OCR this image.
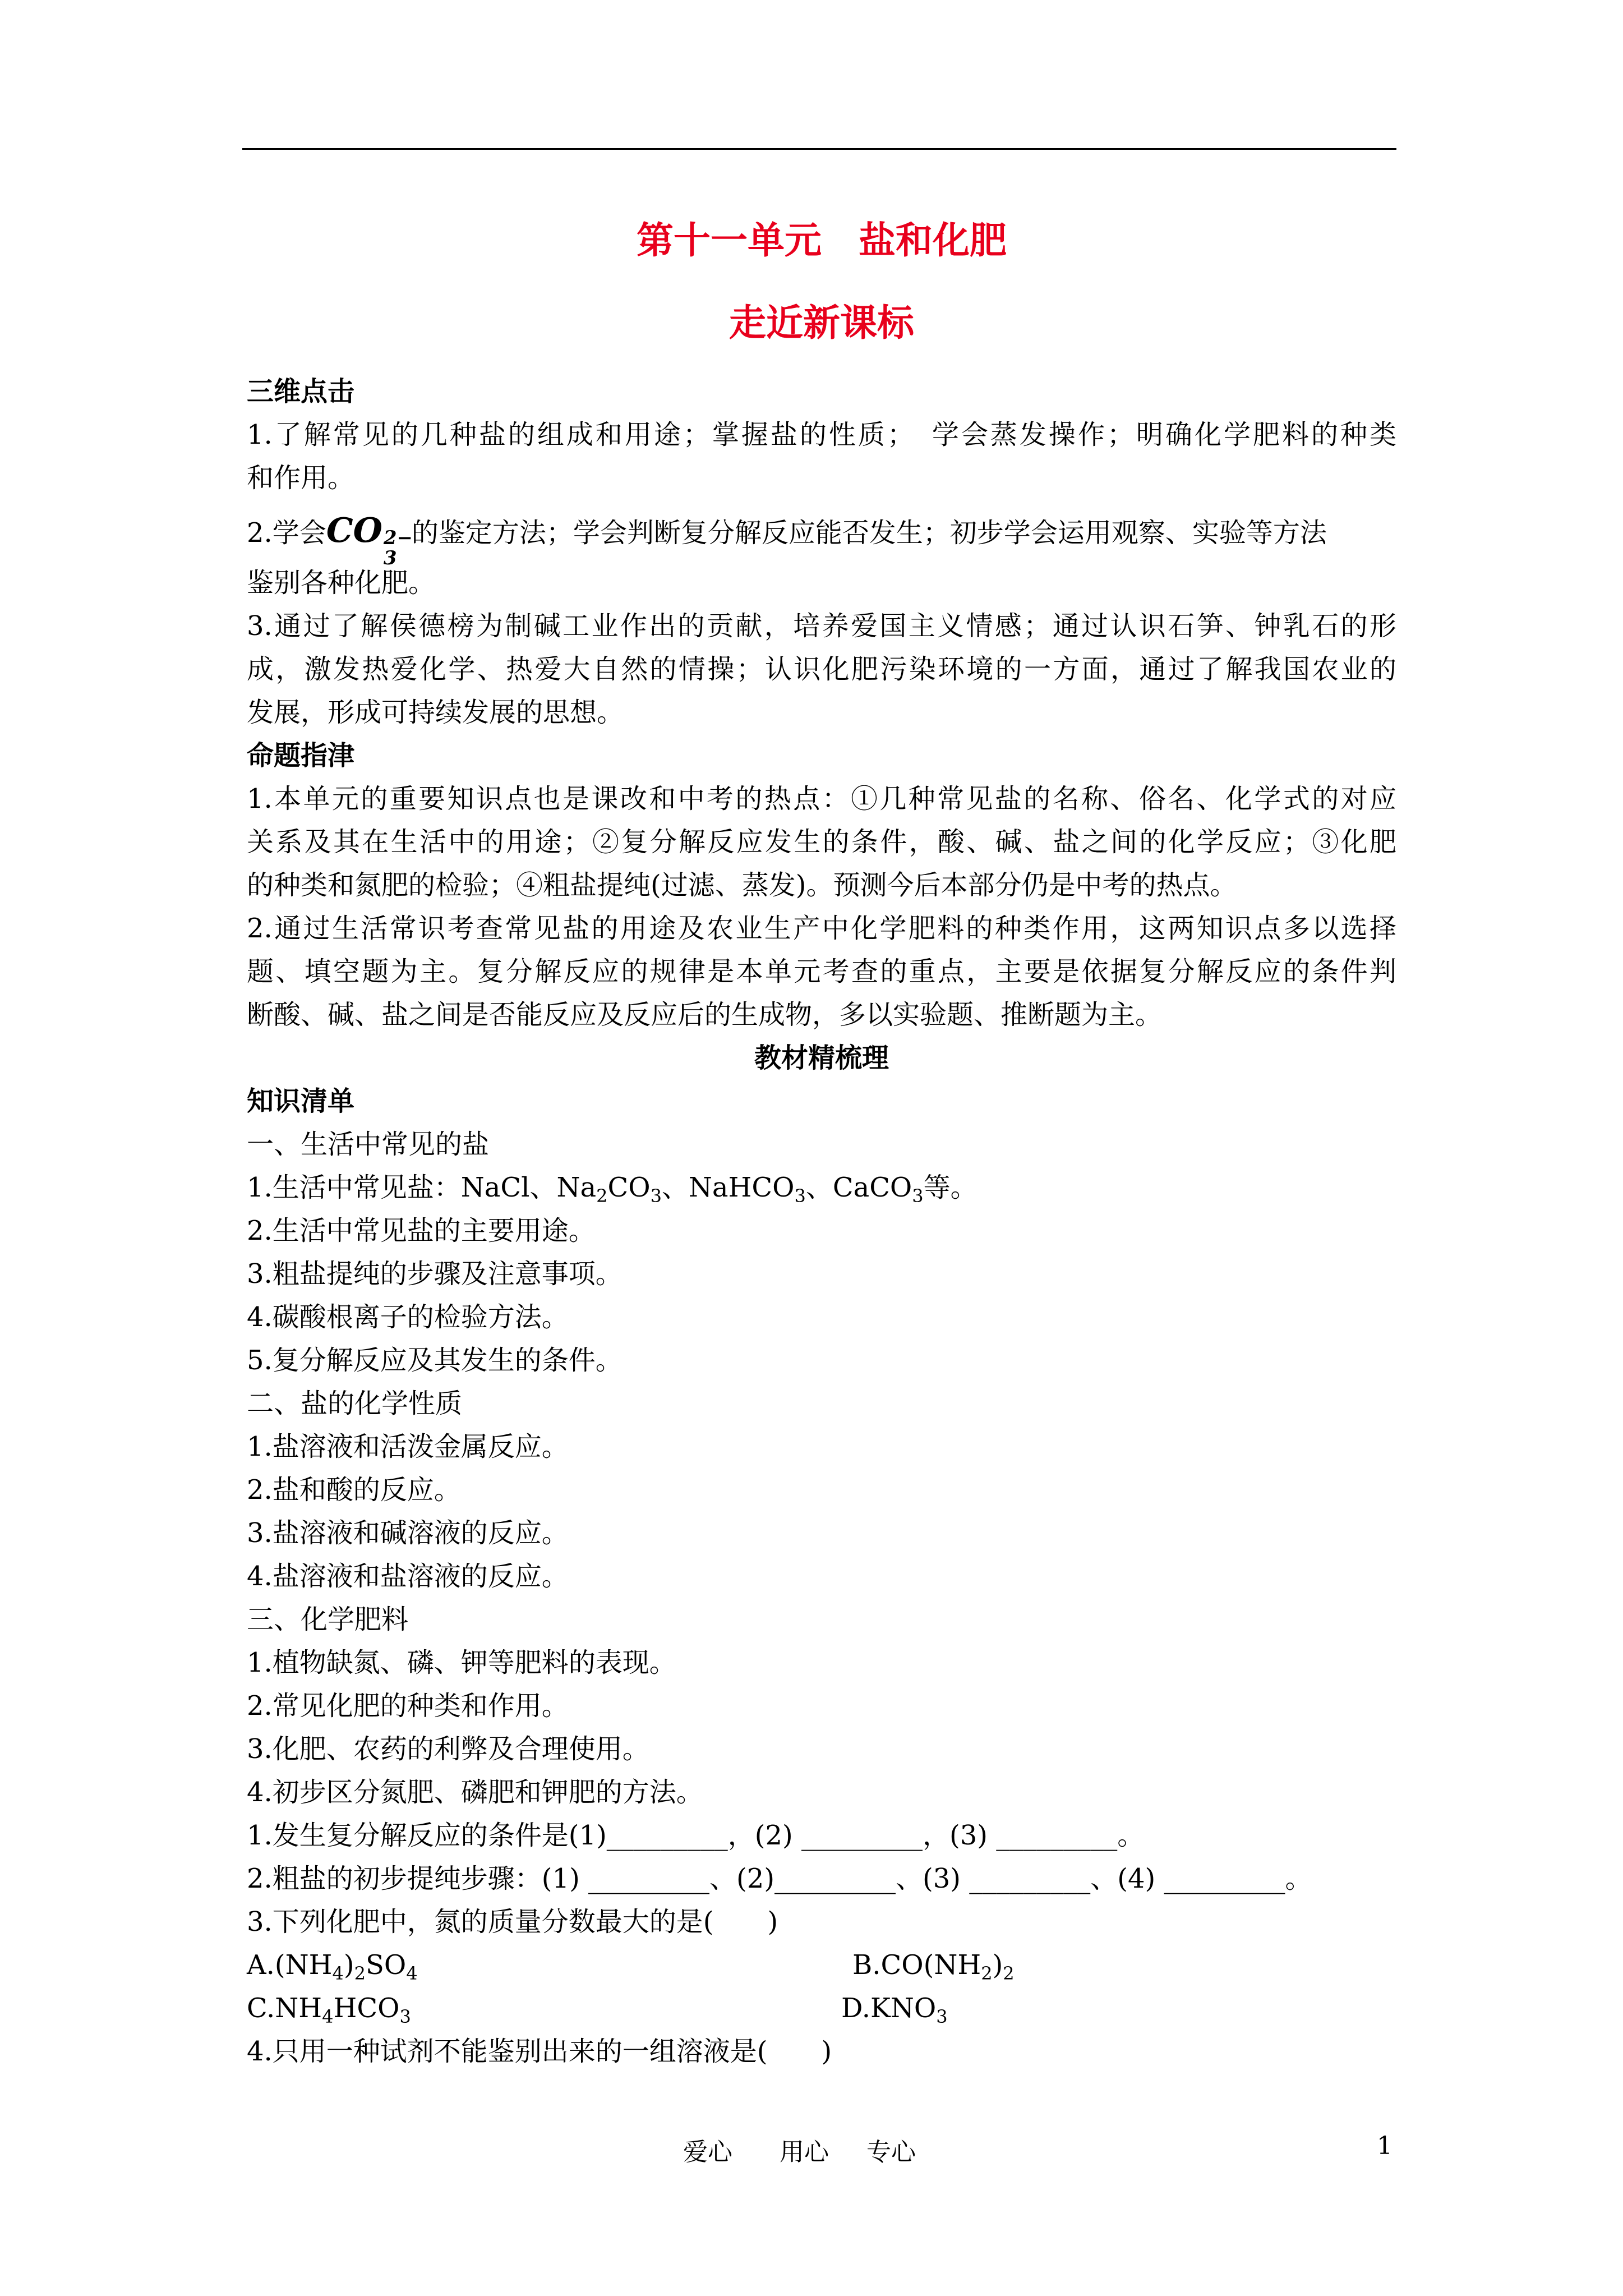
第十一单元　盐和化肥
走近新课标
三维点击
1.了解常见的几种盐的组成和用途；掌握盐的性质；　学会蒸发操作；明确化学肥料的种类
和作用。
2.学会CO 2−
3
的鉴定方法；学会判断复分解反应能否发生；初步学会运用观察、实验等方法
鉴别各种化肥。
3.通过了解侯德榜为制碱工业作出的贡献，培养爱国主义情感；通过认识石笋、钟乳石的形
成，激发热爱化学、热爱大自然的情操；认识化肥污染环境的一方面，通过了解我国农业的
发展，形成可持续发展的思想。
命题指津
1.本单元的重要知识点也是课改和中考的热点：①几种常见盐的名称、俗名、化学式的对应
关系及其在生活中的用途；②复分解反应发生的条件，酸、碱、盐之间的化学反应；③化肥
的种类和氮肥的检验；④粗盐提纯(过滤、蒸发)。预测今后本部分仍是中考的热点。
2.通过生活常识考查常见盐的用途及农业生产中化学肥料的种类作用，这两知识点多以选择
题、填空题为主。复分解反应的规律是本单元考查的重点，主要是依据复分解反应的条件判
断酸、碱、盐之间是否能反应及反应后的生成物，多以实验题、推断题为主。
教材精梳理
知识清单
一、生活中常见的盐
1.生活中常见盐：NaCl、$Na_2CO_3$、NaHCO$_3$、CaCO$_3$等。
2.生活中常见盐的主要用途。
3.粗盐提纯的步骤及注意事项。
4.碳酸根离子的检验方法。
5.复分解反应及其发生的条件。
二、盐的化学性质
1.盐溶液和活泼金属反应。
2.盐和酸的反应。
3.盐溶液和碱溶液的反应。
4.盐溶液和盐溶液的反应。
三、化学肥料
1.植物缺氮、磷、钾等肥料的表现。
2.常见化肥的种类和作用。
3.化肥、农药的利弊及合理使用。
4.初步区分氮肥、磷肥和钾肥的方法。
1.发生复分解反应的条件是(1)_________，(2) _________，(3) _________。
2.粗盐的初步提纯步骤：(1) _________、(2)_________、(3) _________、(4) _________。
3.下列化肥中，氮的质量分数最大的是(　　)
$A.(NH_4)_2SO_4$	$B.CO(NH_2)_2$
$C.NH_4HCO_3$	$D.KNO_3$
4.只用一种试剂不能鉴别出来的一组溶液是(　　)
爱心 用心 专心	1
